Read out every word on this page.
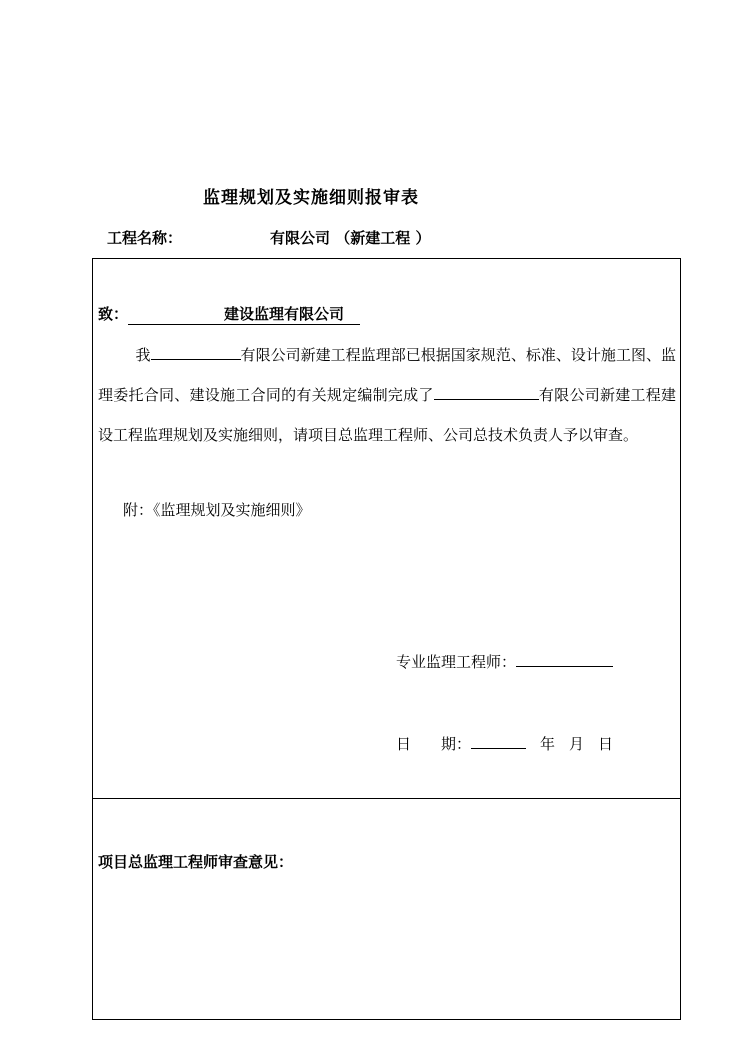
监理规划及实施细则报审表
工程名称：	有限公司 （新建工程 ）
致：	建设监理有限公司

我	有限公司新建工程监理部已根据国家规范、标准、设计施工图、监理委托合同、建设施工合同的有关规定编制完成了	有限公司新建工程建设工程监理规划及实施细则，请项目总监理工程师、公司总技术负责人予以审查。

附：《监理规划及实施细则》
专业监理工程师：
日　　期：	年 月 日
项目总监理工程师审查意见：
